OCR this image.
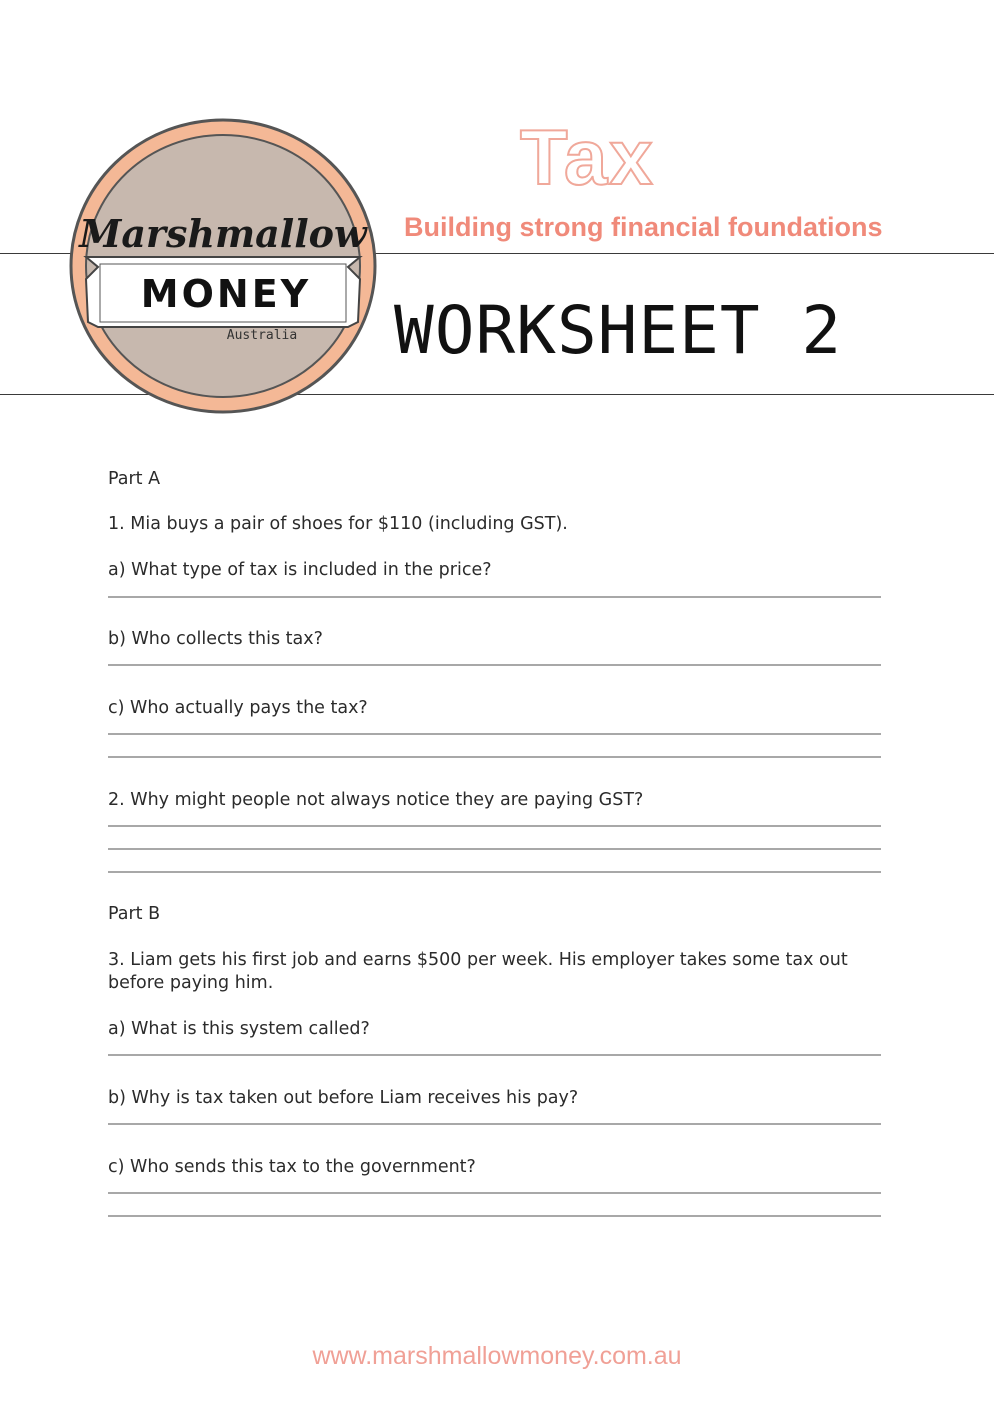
Marshmallow
MONEY
Australia
Tax
Building strong financial foundations
WORKSHEET 2
Part A
1. Mia buys a pair of shoes for $110 (including GST).
a) What type of tax is included in the price?
b) Who collects this tax?
c) Who actually pays the tax?
2. Why might people not always notice they are paying GST?
Part B
3. Liam gets his first job and earns $500 per week. His employer takes some tax out before paying him.
a) What is this system called?
b) Why is tax taken out before Liam receives his pay?
c) Who sends this tax to the government?
www.marshmallowmoney.com.au
